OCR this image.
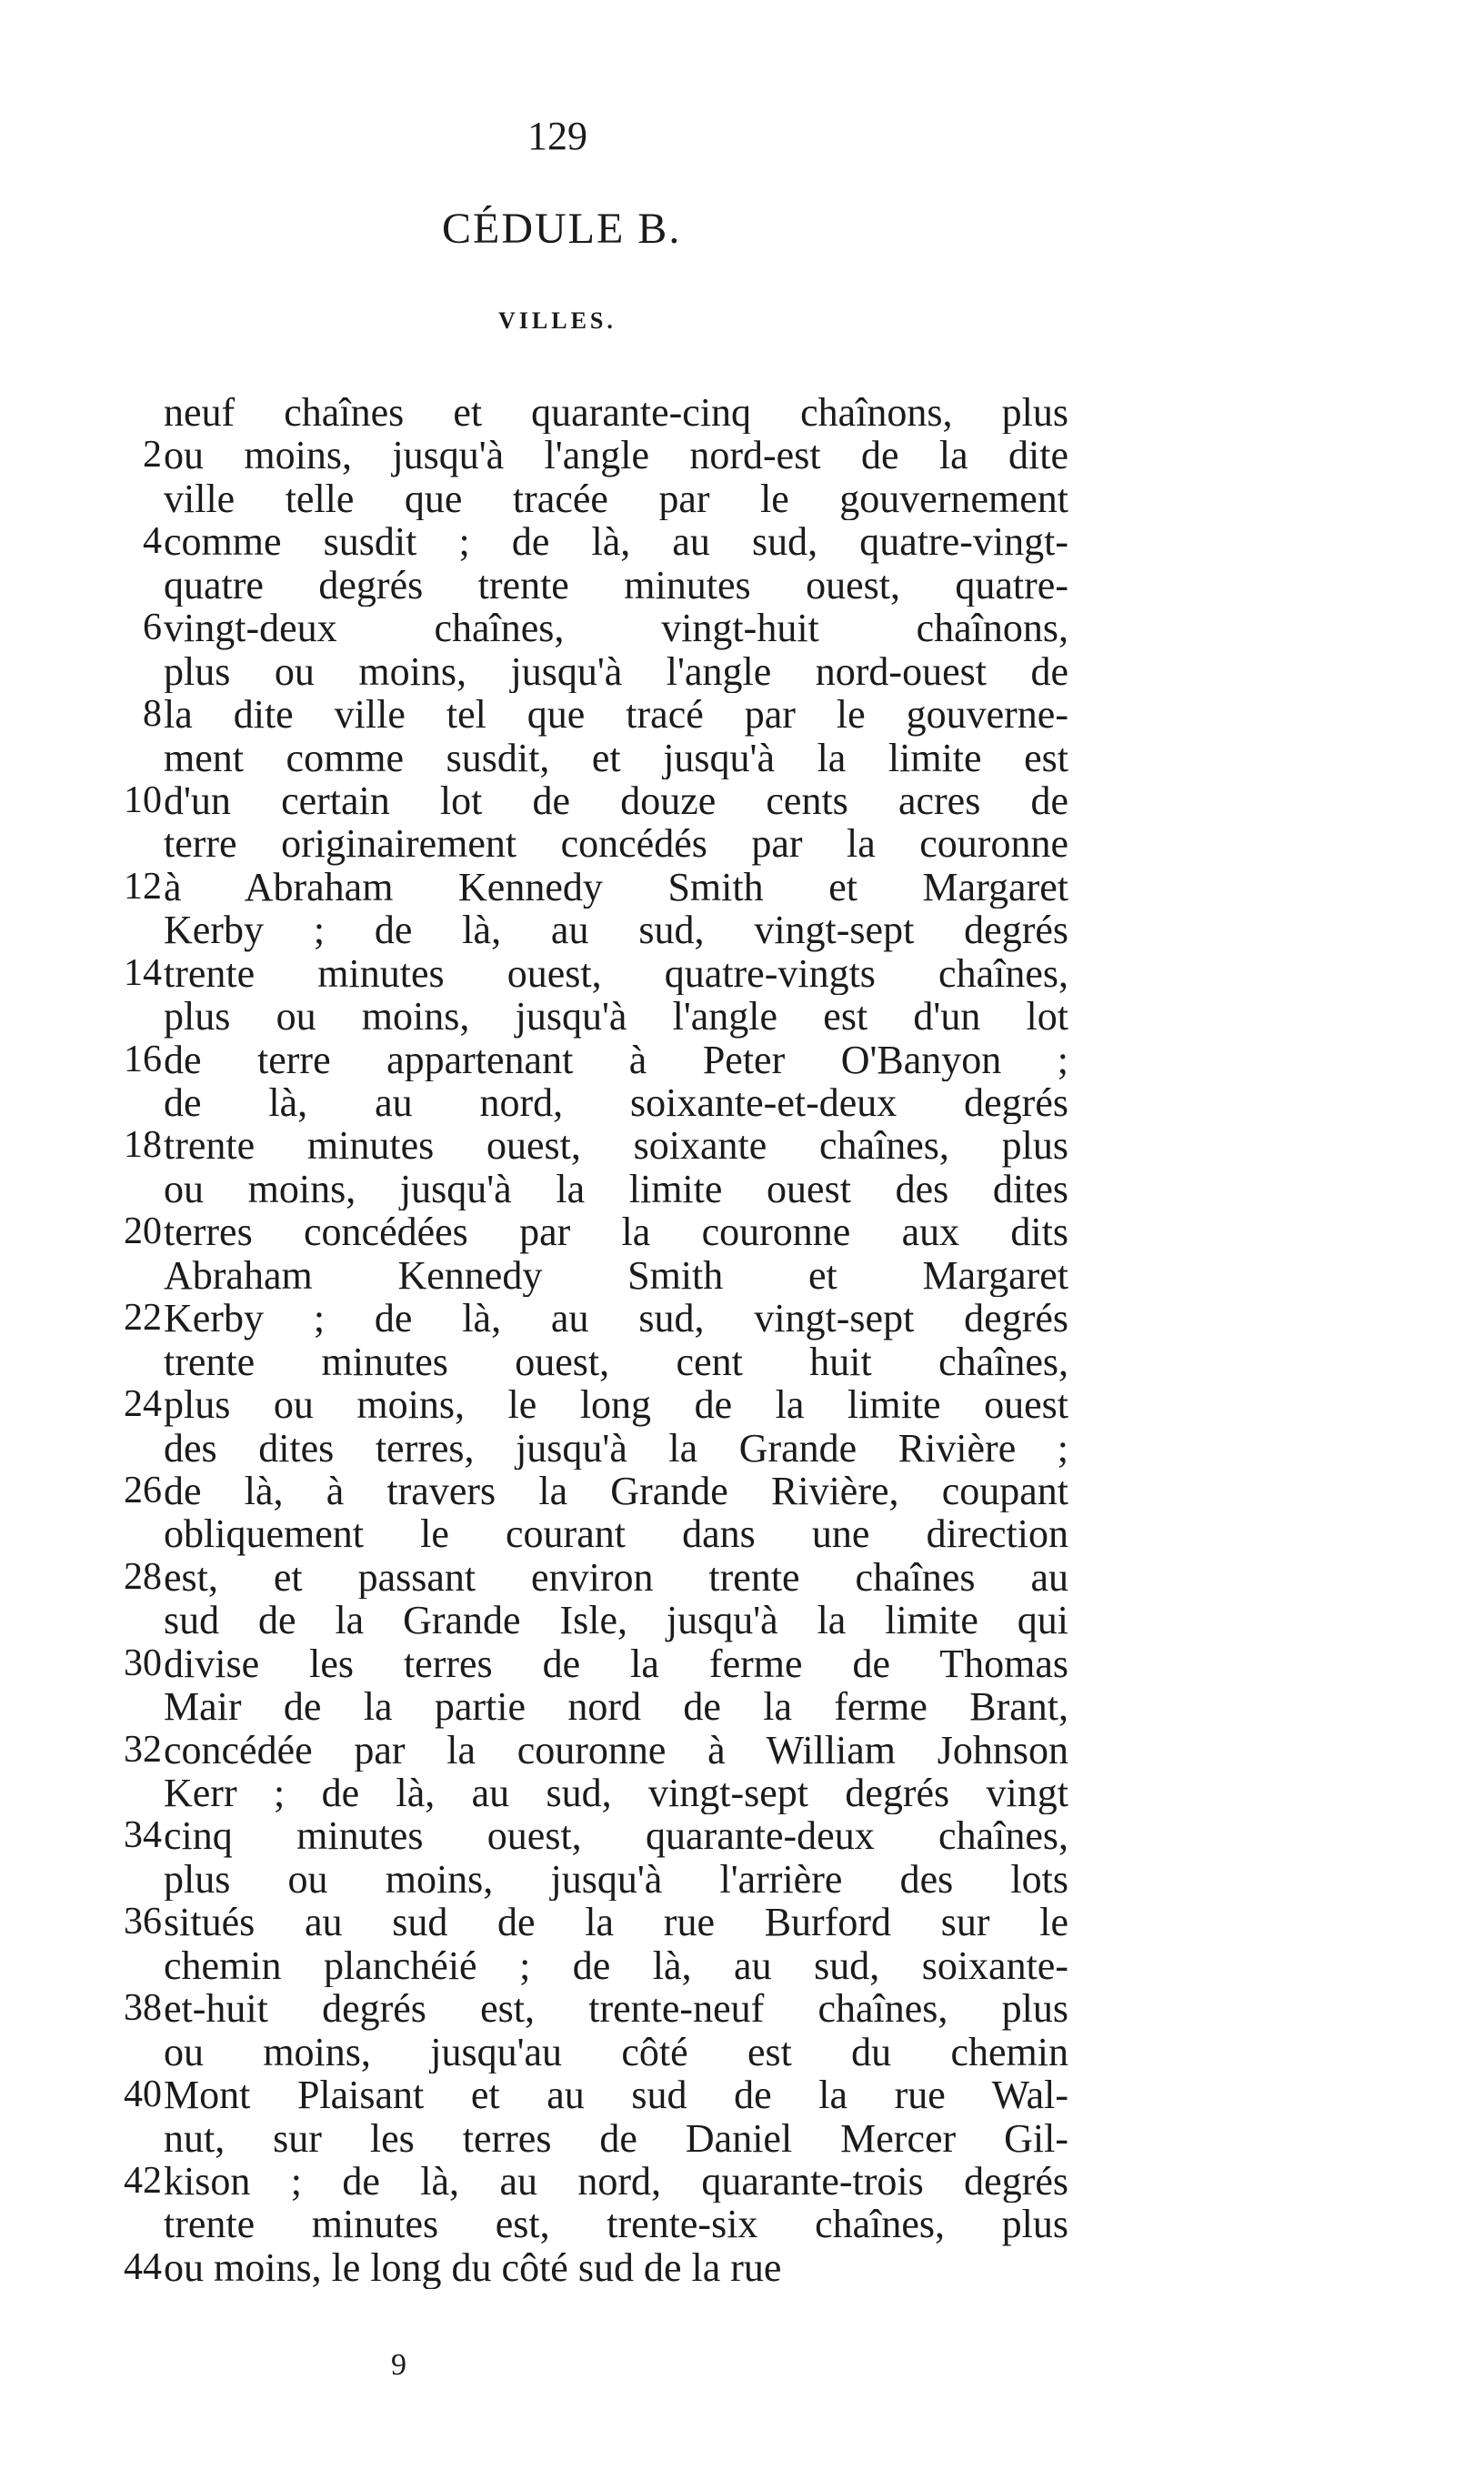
129
CÉDULE B.
VILLES.
neuf chaînes et quarante-cinq chaînons, plus
2 ou moins, jusqu'à l'angle nord-est de la dite
ville telle que tracée par le gouvernement
4 comme susdit ; de là, au sud, quatre-vingt-
quatre degrés trente minutes ouest, quatre-
6 vingt-deux chaînes, vingt-huit chaînons,
plus ou moins, jusqu'à l'angle nord-ouest de
8 la dite ville tel que tracé par le gouverne-
ment comme susdit, et jusqu'à la limite est
10 d'un certain lot de douze cents acres de
terre originairement concédés par la couronne
12 à Abraham Kennedy Smith et Margaret
Kerby ; de là, au sud, vingt-sept degrés
14 trente minutes ouest, quatre-vingts chaînes,
plus ou moins, jusqu'à l'angle est d'un lot
16 de terre appartenant à Peter O'Banyon ;
de là, au nord, soixante-et-deux degrés
18 trente minutes ouest, soixante chaînes, plus
ou moins, jusqu'à la limite ouest des dites
20 terres concédées par la couronne aux dits
Abraham Kennedy Smith et Margaret
22 Kerby ; de là, au sud, vingt-sept degrés
trente minutes ouest, cent huit chaînes,
24 plus ou moins, le long de la limite ouest
des dites terres, jusqu'à la Grande Rivière ;
26 de là, à travers la Grande Rivière, coupant
obliquement le courant dans une direction
28 est, et passant environ trente chaînes au
sud de la Grande Isle, jusqu'à la limite qui
30 divise les terres de la ferme de Thomas
Mair de la partie nord de la ferme Brant,
32 concédée par la couronne à William Johnson
Kerr ; de là, au sud, vingt-sept degrés vingt
34 cinq minutes ouest, quarante-deux chaînes,
plus ou moins, jusqu'à l'arrière des lots
36 situés au sud de la rue Burford sur le
chemin planchéié ; de là, au sud, soixante-
38 et-huit degrés est, trente-neuf chaînes, plus
ou moins, jusqu'au côté est du chemin
40 Mont Plaisant et au sud de la rue Wal-
nut, sur les terres de Daniel Mercer Gil-
42 kison ; de là, au nord, quarante-trois degrés
trente minutes est, trente-six chaînes, plus
44 ou moins, le long du côté sud de la rue
9
